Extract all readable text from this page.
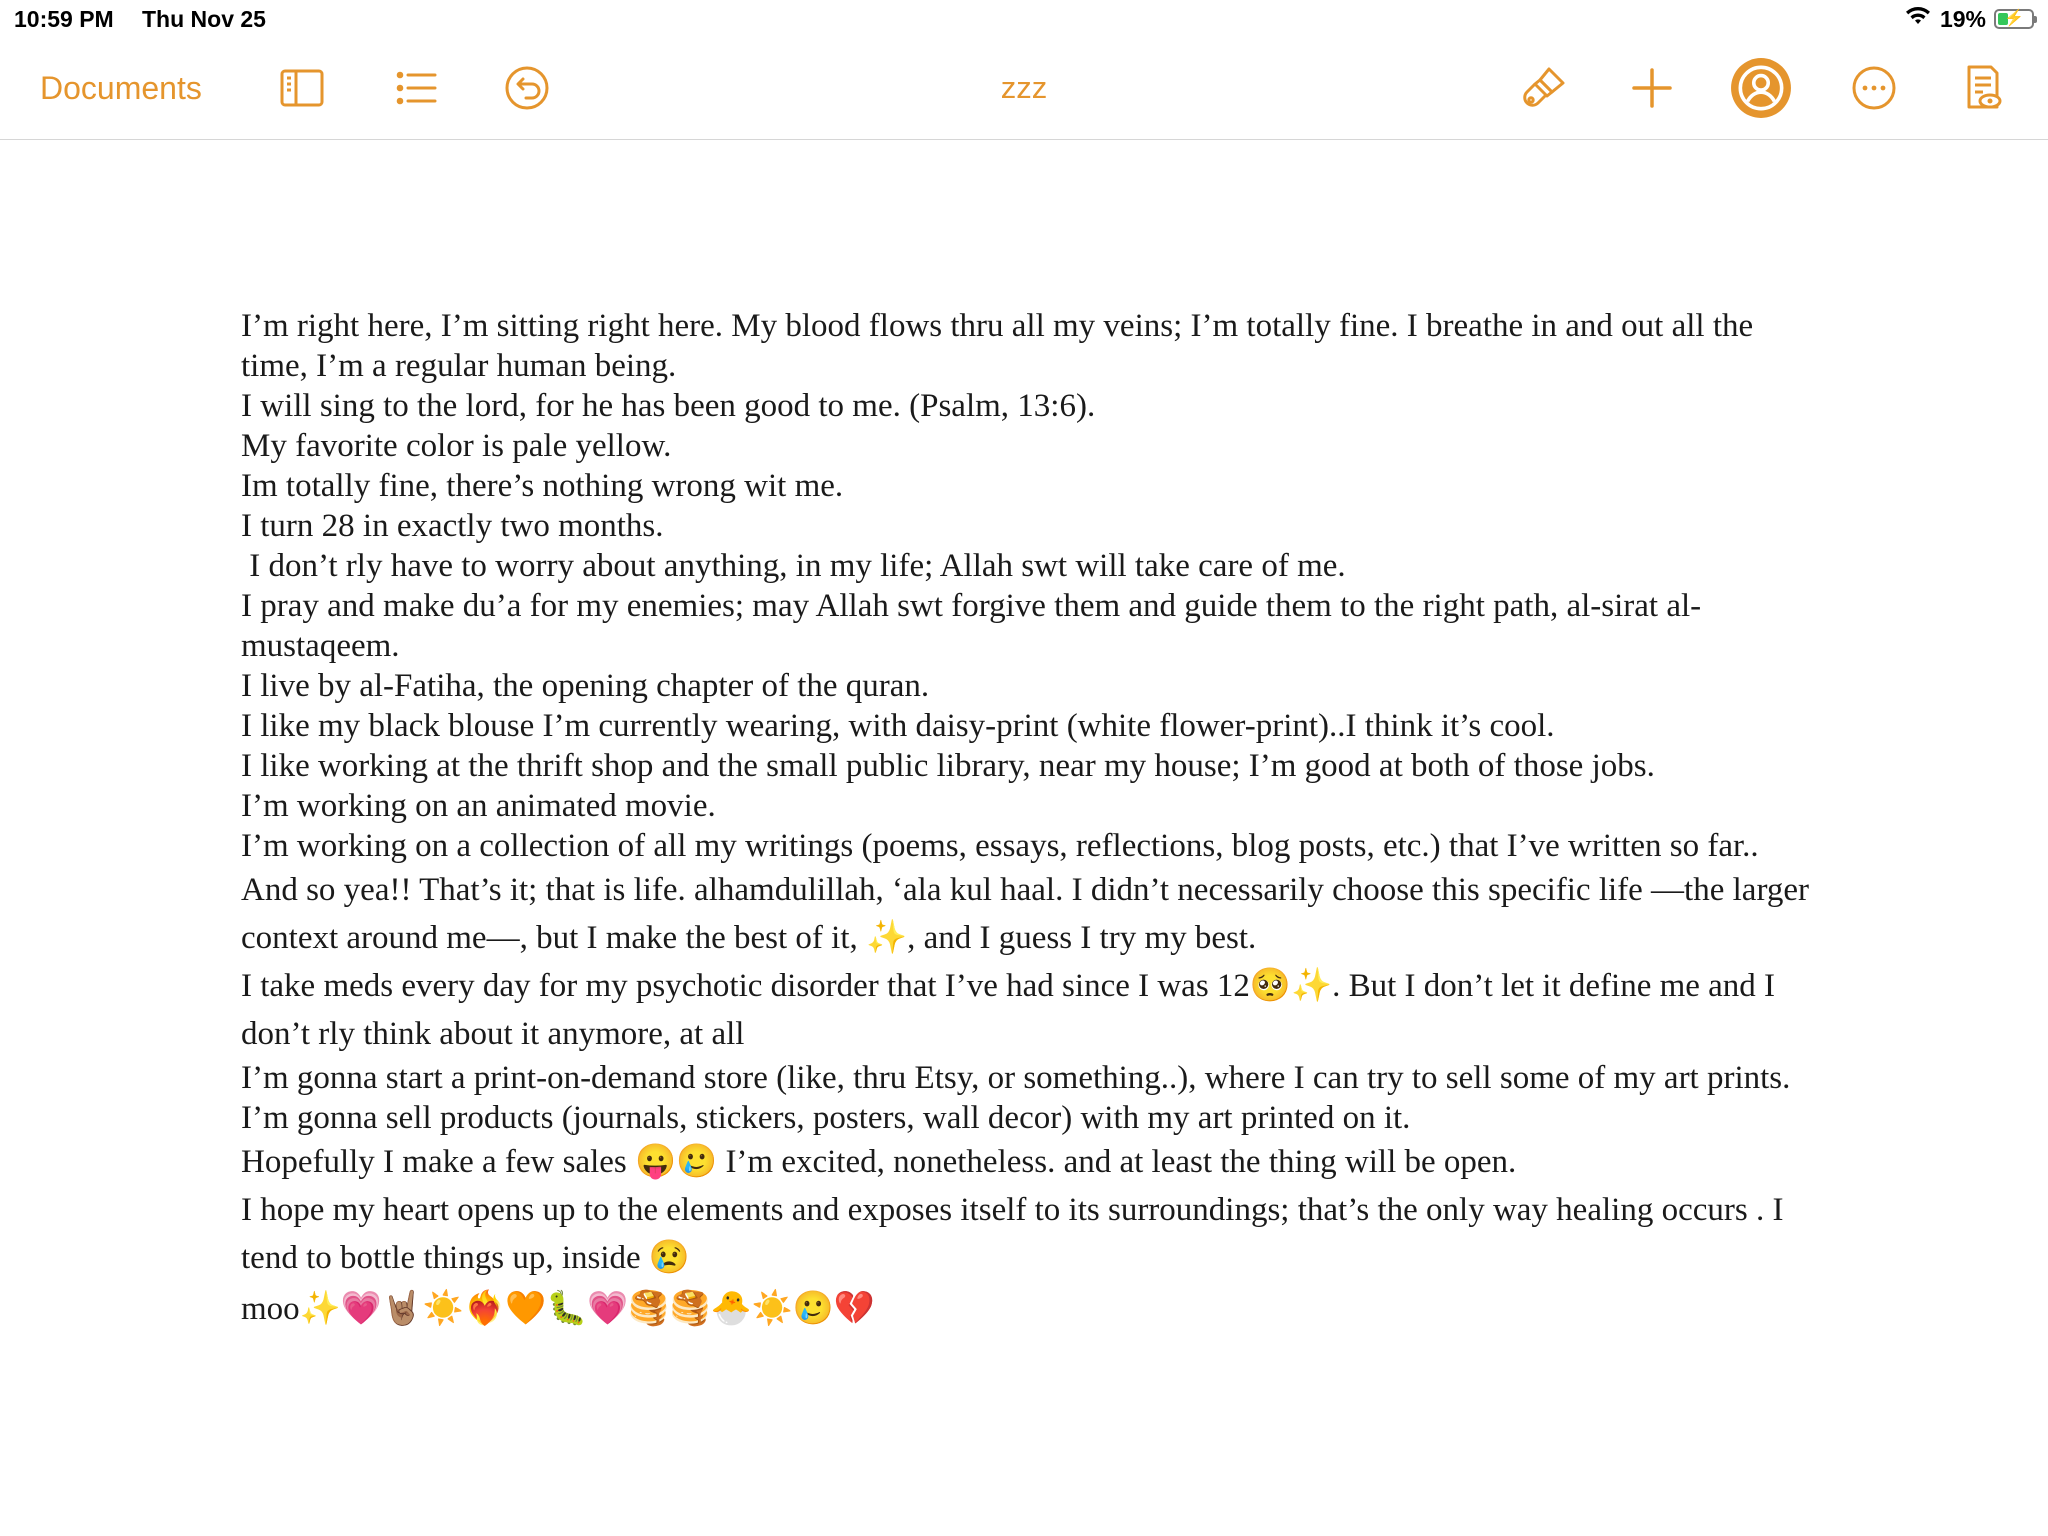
10:59 PM Thu Nov 25	19%	⚡
Documents	zzz

I’m right here, I’m sitting right here. My blood flows thru all my veins; I’m totally fine. I breathe in and out all the time, I’m a regular human being.

I will sing to the lord, for he has been good to me. (Psalm, 13:6).

My favorite color is pale yellow.

Im totally fine, there’s nothing wrong wit me.

I turn 28 in exactly two months.

I don’t rly have to worry about anything, in my life; Allah swt will take care of me.

I pray and make du’a for my enemies; may Allah swt forgive them and guide them to the right path, al-sirat al-mustaqeem.

I live by al-Fatiha, the opening chapter of the quran.

I like my black blouse I’m currently wearing, with daisy-print (white flower-print)..I think it’s cool.

I like working at the thrift shop and the small public library, near my house; I’m good at both of those jobs.

I’m working on an animated movie.

I’m working on a collection of all my writings (poems, essays, reflections, blog posts, etc.) that I’ve written so far..

And so yea!! That’s it; that is life. alhamdulillah, ‘ala kul haal. I didn’t necessarily choose this specific life —the larger context around me—, but I make the best of it, ✨, and I guess I try my best.

I take meds every day for my psychotic disorder that I’ve had since I was 12🥺✨. But I don’t let it define me and I don’t rly think about it anymore, at all

I’m gonna start a print-on-demand store (like, thru Etsy, or something..), where I can try to sell some of my art prints. I’m gonna sell products (journals, stickers, posters, wall decor) with my art printed on it.

Hopefully I make a few sales 😛🥲 I’m excited, nonetheless. and at least the thing will be open.

I hope my heart opens up to the elements and exposes itself to its surroundings; that’s the only way healing occurs . I tend to bottle things up, inside 😢

moo✨💗🤘🏽☀️❤️‍🔥🧡🐛💗🥞🥞🐣☀️🥲💔
